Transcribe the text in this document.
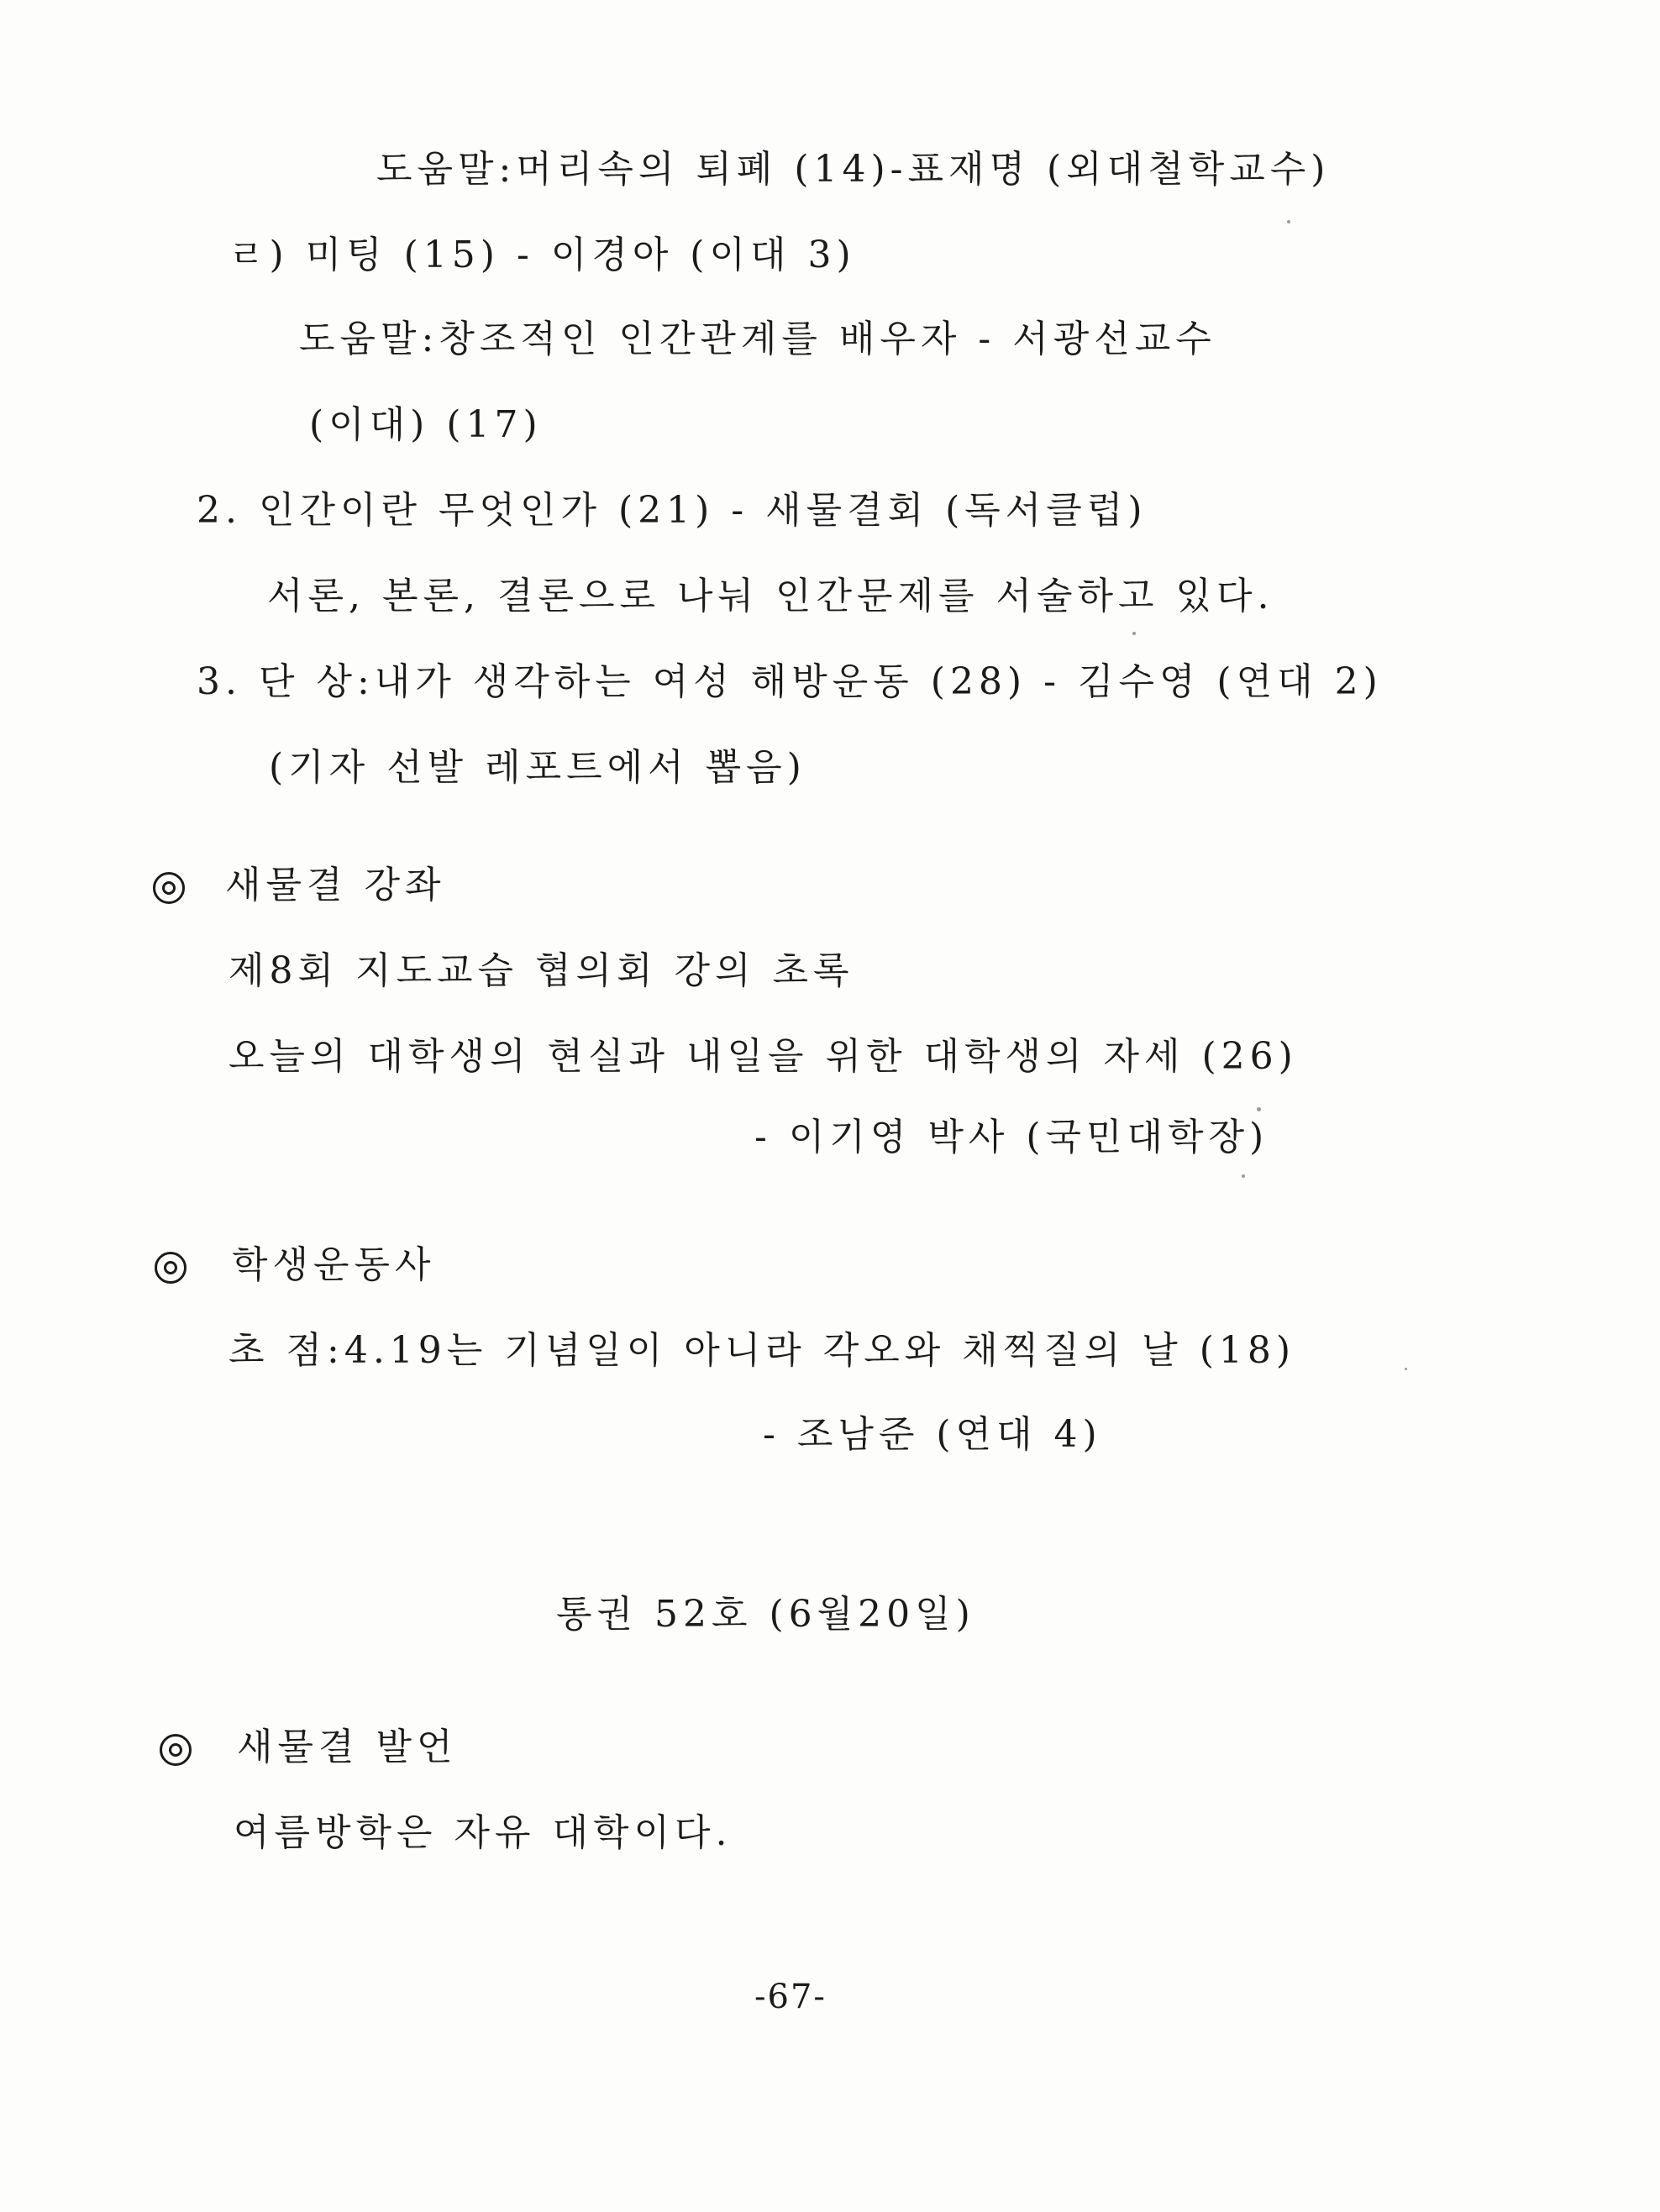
도움말:머리속의 퇴폐 (14)-표재명 (외대철학교수)
ㄹ) 미팅 (15) - 이경아 (이대 3)
도움말:창조적인 인간관계를 배우자 - 서광선교수
(이대) (17)
2. 인간이란 무엇인가 (21) - 새물결회 (독서클럽)
서론, 본론, 결론으로 나눠 인간문제를 서술하고 있다.
3. 단 상:내가 생각하는 여성 해방운동 (28) - 김수영 (연대 2)
(기자 선발 레포트에서 뽑음)
새물결 강좌
제8회 지도교습 협의회 강의 초록
오늘의 대학생의 현실과 내일을 위한 대학생의 자세 (26)
- 이기영 박사 (국민대학장)
학생운동사
초 점:4.19는 기념일이 아니라 각오와 채찍질의 날 (18)
- 조남준 (연대 4)
통권 52호 (6월20일)
새물결 발언
여름방학은 자유 대학이다.
-67-
